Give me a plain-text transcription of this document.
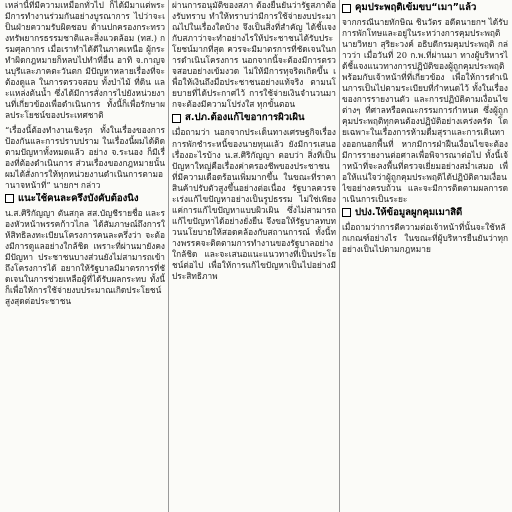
เหล่านี้ที่มีความเหมือกทั่วไป ก็ได้มีมาแต่พระ มีการทำงานร่วมกันอย่างบูรณาการ ไปว่าจะเป็นฝ่ายความรับผิดชอบ ด้านปกครองกระทรวงทรัพยากรธรรมชาติและสิ่งแวดล้อม (ทส.) กรมศุลกากร เมื่อเราทำได้ดีในภาคเหนือ ผู้กระทำผิดกฎหมายก็หลบไปทำที่อื่น อาทิ จ.กาญจนบุรีและภาคตะวันตก มีปัญหาหลายเรื่องที่จะต้องดูแล ในการตรวจสอบ ทั้งป่าไม้ ที่ดิน และแหล่งต้นน้ำ ซึ่งได้มีการสั่งการไปยังหน่วยงานที่เกี่ยวข้องเพื่อดำเนินการ ทั้งนี้ก็เพื่อรักษาผลประโยชน์ของประเทศชาติ

“เรื่องนี้ต้องทำงานเชิงรุก ทั้งในเรื่องของการป้องกันและการปราบปราม ในเรื่องนี้ผมได้ติดตามปัญหาทั้งหมดแล้ว อย่าง จ.ระนอง ก็มีเรื่องที่ต้องดำเนินการ ส่วนเรื่องของกฎหมายนั้น ผมได้สั่งการให้ทุกหน่วยงานดำเนินการตามอำนาจหน้าที่” นายกฯ กล่าว

แนะใช้คนละครึ่งบังคับต้องนิ่ง

น.ส.ศิริกัญญา ตันสกุล สส.บัญชีรายชื่อ และรองหัวหน้าพรรคก้าวไกล ได้สัมภาษณ์ถึงการให้สิทธิลงทะเบียนโครงการคนละครึ่งว่า จะต้องมีการดูแลอย่างใกล้ชิด เพราะที่ผ่านมายังคงมีปัญหา ประชาชนบางส่วนยังไม่สามารถเข้าถึงโครงการได้ อยากให้รัฐบาลมีมาตรการที่ชัดเจนในการช่วยเหลือผู้ที่ได้รับผลกระทบ ทั้งนี้ก็เพื่อให้การใช้จ่ายงบประมาณเกิดประโยชน์สูงสุดต่อประชาชน

ผ่านการอนุมัติของสภา ต้องยืนยันว่ารัฐสภาต้องรับทราบ ทำให้ทราบว่ามีการใช้จ่ายงบประมาณไปในเรื่องใดบ้าง จึงเป็นสิ่งที่สำคัญ ได้ชี้แจงกับสภาว่าจะทำอย่างไรให้ประชาชนได้รับประโยชน์มากที่สุด ควรจะมีมาตรการที่ชัดเจนในการดำเนินโครงการ นอกจากนี้จะต้องมีการตรวจสอบอย่างเข้มงวด ไม่ให้มีการทุจริตเกิดขึ้น เพื่อให้เงินถึงมือประชาชนอย่างแท้จริง ตามนโยบายที่ได้ประกาศไว้ การใช้จ่ายเงินจำนวนมากจะต้องมีความโปร่งใส ทุกขั้นตอน

ส.ปภ.ต้องแก้ไขอาการผิวเผิน

เมื่อถามว่า นอกจากประเด็นทางเศรษฐกิจเรื่องการพักชำระหนี้ของนายทุนแล้ว ยังมีการเสนอเรื่องอะไรบ้าง น.ส.ศิริกัญญา ตอบว่า สิ่งที่เป็นปัญหาใหญ่คือเรื่องค่าครองชีพของประชาชน ที่มีความเดือดร้อนเพิ่มมากขึ้น ในขณะที่ราคาสินค้าปรับตัวสูงขึ้นอย่างต่อเนื่อง รัฐบาลควรจะเร่งแก้ไขปัญหาอย่างเป็นรูปธรรม ไม่ใช่เพียงแค่การแก้ไขปัญหาแบบผิวเผิน ซึ่งไม่สามารถแก้ไขปัญหาได้อย่างยั่งยืน จึงขอให้รัฐบาลทบทวนนโยบายให้สอดคล้องกับสถานการณ์ ทั้งนี้ทางพรรคจะติดตามการทำงานของรัฐบาลอย่างใกล้ชิด และจะเสนอแนะแนวทางที่เป็นประโยชน์ต่อไป เพื่อให้การแก้ไขปัญหาเป็นไปอย่างมีประสิทธิภาพ

คุมประพฤติเข้มขบ“เมา”แล้ว

จากกรณีนายทักษิณ ชินวัตร อดีตนายกฯ ได้รับการพักโทษและอยู่ในระหว่างการคุมประพฤติ นายวิทยา สุริยะวงค์ อธิบดีกรมคุมประพฤติ กล่าวว่า เมื่อวันที่ 20 ก.พ.ที่ผ่านมา ทางผู้บริหารได้ชี้แจงแนวทางการปฏิบัติของผู้ถูกคุมประพฤติ พร้อมกับเจ้าหน้าที่ที่เกี่ยวข้อง เพื่อให้การดำเนินการเป็นไปตามระเบียบที่กำหนดไว้ ทั้งในเรื่องของการรายงานตัว และการปฏิบัติตามเงื่อนไขต่างๆ ที่ศาลหรือคณะกรรมการกำหนด ซึ่งผู้ถูกคุมประพฤติทุกคนต้องปฏิบัติอย่างเคร่งครัด โดยเฉพาะในเรื่องการห้ามดื่มสุราและการเดินทางออกนอกพื้นที่ หากมีการฝ่าฝืนเงื่อนไขจะต้องมีการรายงานต่อศาลเพื่อพิจารณาต่อไป ทั้งนี้เจ้าหน้าที่จะลงพื้นที่ตรวจเยี่ยมอย่างสม่ำเสมอ เพื่อให้แน่ใจว่าผู้ถูกคุมประพฤติได้ปฏิบัติตามเงื่อนไขอย่างครบถ้วน และจะมีการติดตามผลการดำเนินการเป็นระยะ

ปปง.ให้ข้อมูลผูกคุมเมาสิดี

เมื่อถามว่าการตีความต่อเจ้าหน้าที่นั้นจะใช้หลักเกณฑ์อย่างไร ในขณะที่ผู้บริหารยืนยันว่าทุกอย่างเป็นไปตามกฎหมาย
